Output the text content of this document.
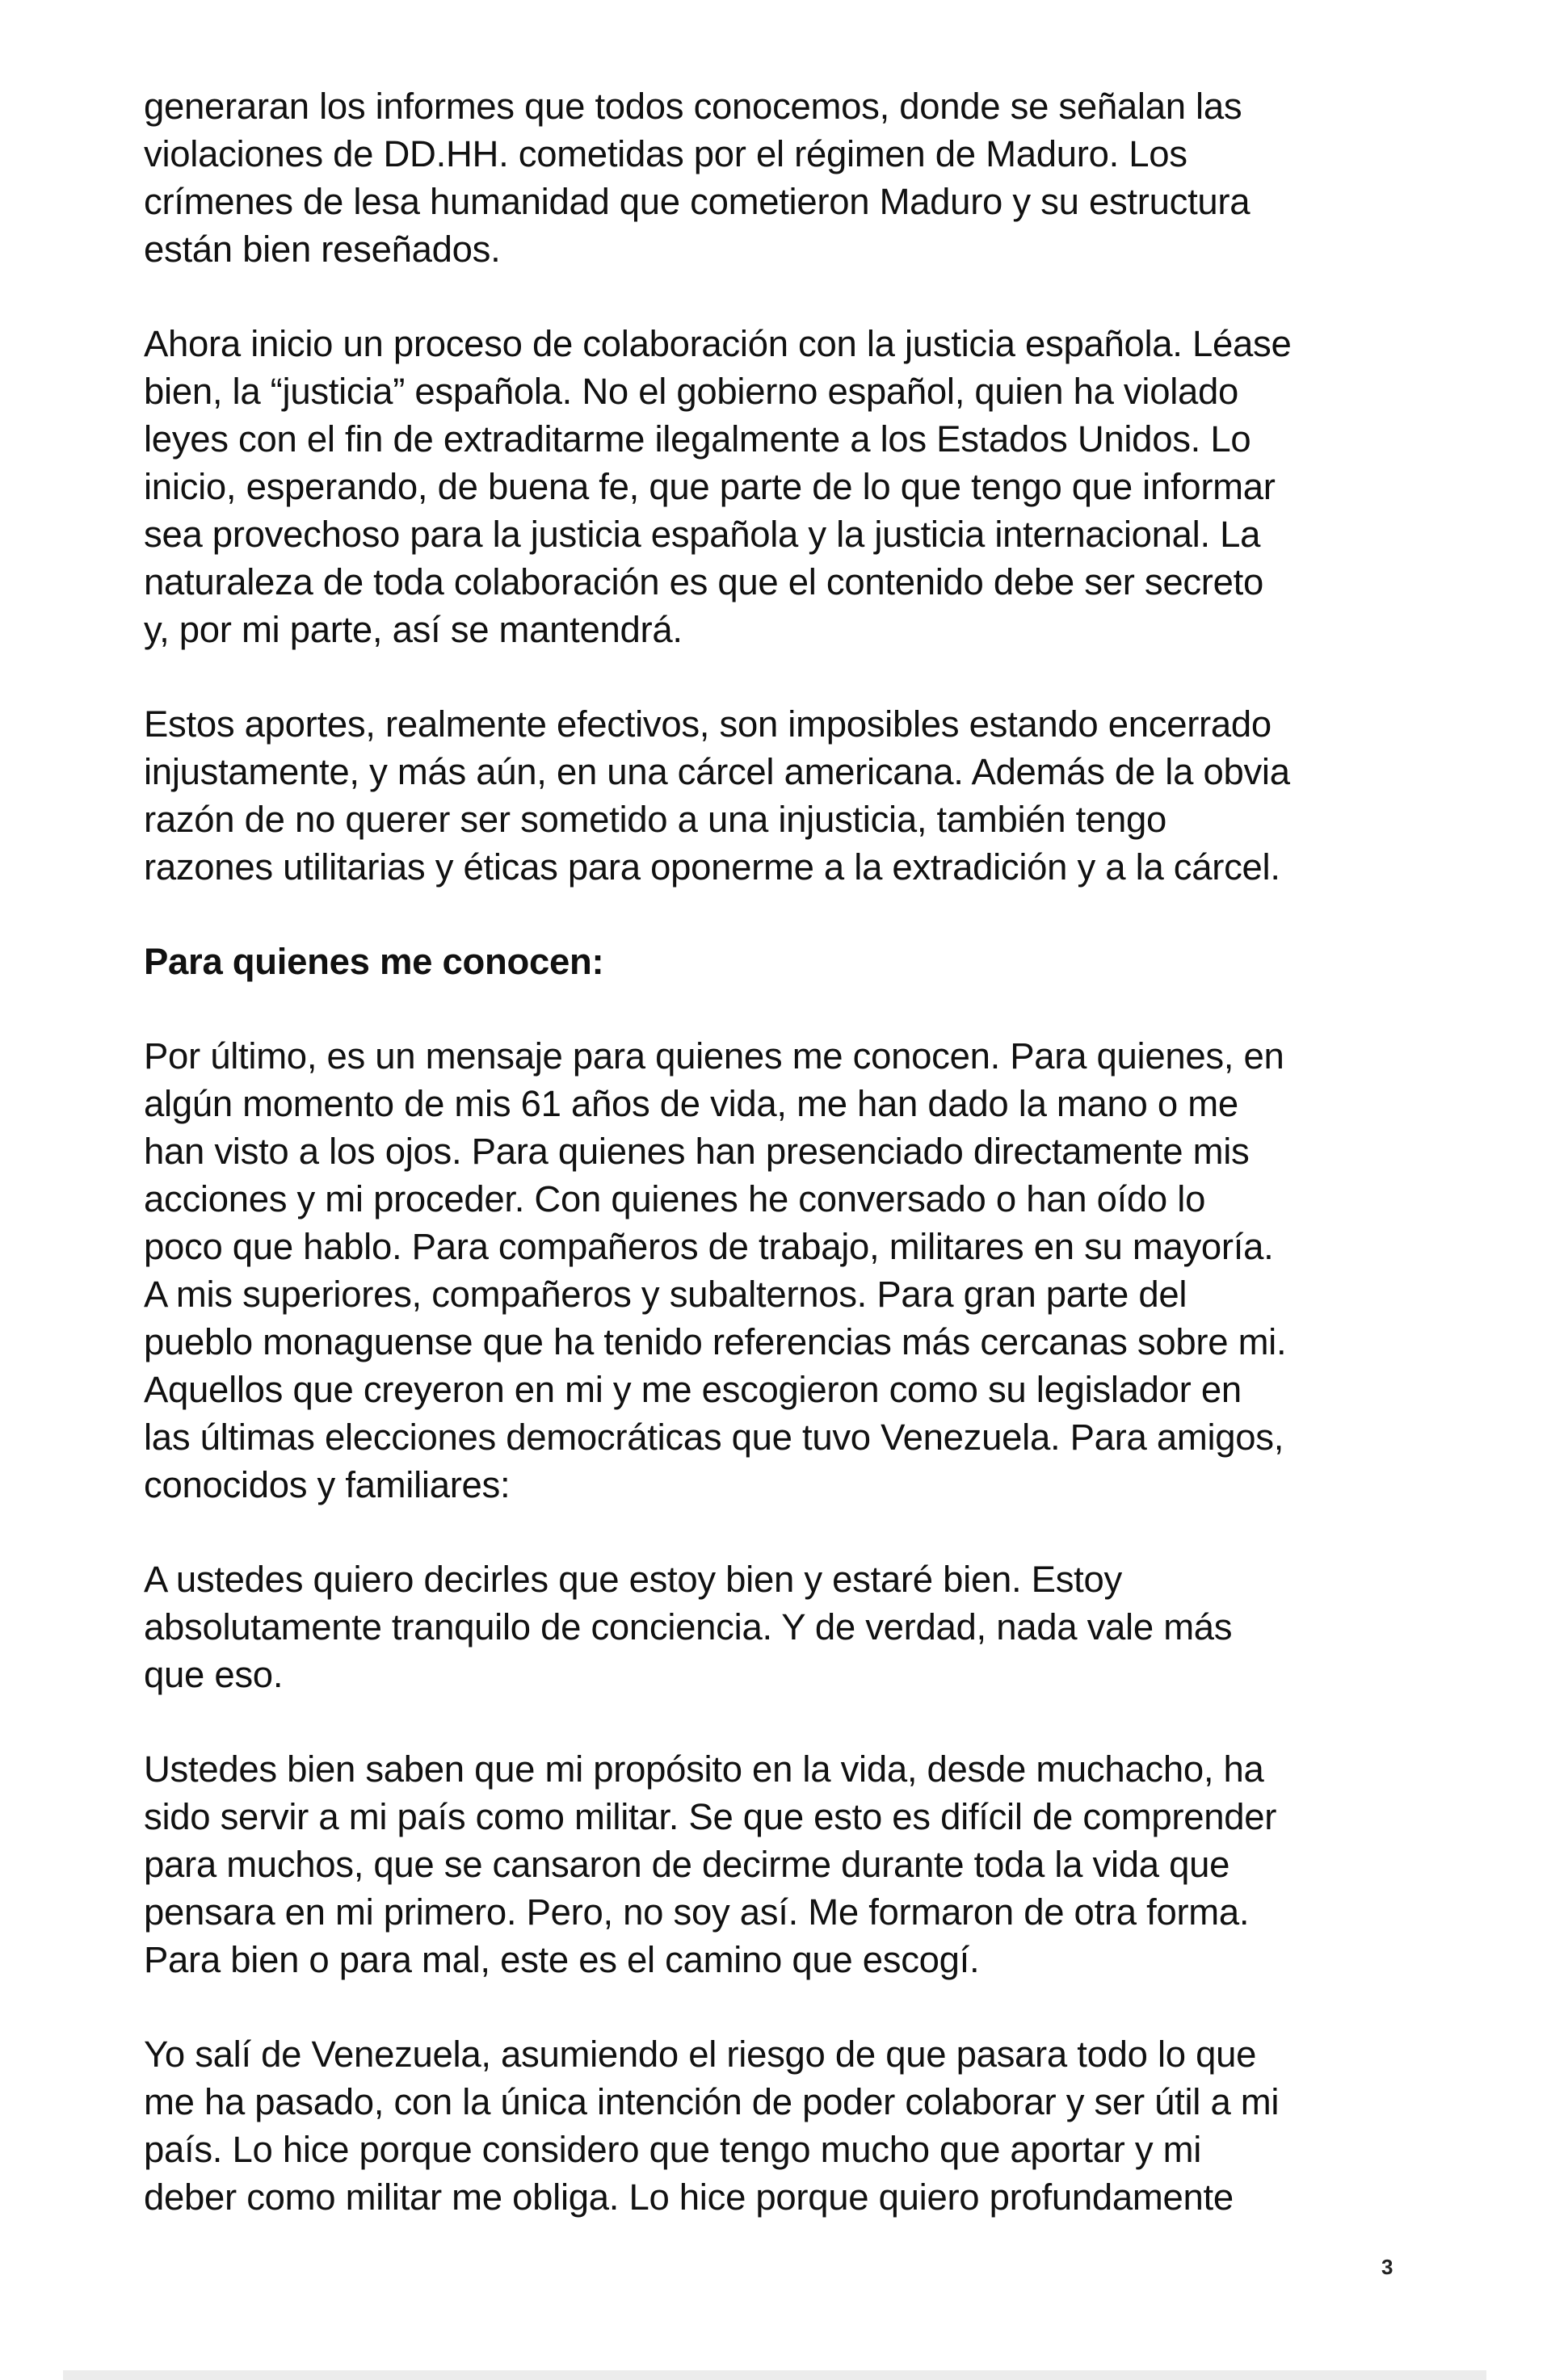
generaran los informes que todos conocemos, donde se señalan las
violaciones de DD.HH. cometidas por el régimen de Maduro. Los
crímenes de lesa humanidad que cometieron Maduro y su estructura
están bien reseñados.

Ahora inicio un proceso de colaboración con la justicia española. Léase
bien, la “justicia” española. No el gobierno español, quien ha violado
leyes con el fin de extraditarme ilegalmente a los Estados Unidos. Lo
inicio, esperando, de buena fe, que parte de lo que tengo que informar
sea provechoso para la justicia española y la justicia internacional. La
naturaleza de toda colaboración es que el contenido debe ser secreto
y, por mi parte, así se mantendrá.

Estos aportes, realmente efectivos, son imposibles estando encerrado
injustamente, y más aún, en una cárcel americana. Además de la obvia
razón de no querer ser sometido a una injusticia, también tengo
razones utilitarias y éticas para oponerme a la extradición y a la cárcel.

Para quienes me conocen:

Por último, es un mensaje para quienes me conocen. Para quienes, en
algún momento de mis 61 años de vida, me han dado la mano o me
han visto a los ojos. Para quienes han presenciado directamente mis
acciones y mi proceder. Con quienes he conversado o han oído lo
poco que hablo. Para compañeros de trabajo, militares en su mayoría.
A mis superiores, compañeros y subalternos. Para gran parte del
pueblo monaguense que ha tenido referencias más cercanas sobre mi.
Aquellos que creyeron en mi y me escogieron como su legislador en
las últimas elecciones democráticas que tuvo Venezuela. Para amigos,
conocidos y familiares:

A ustedes quiero decirles que estoy bien y estaré bien. Estoy
absolutamente tranquilo de conciencia. Y de verdad, nada vale más
que eso.

Ustedes bien saben que mi propósito en la vida, desde muchacho, ha
sido servir a mi país como militar. Se que esto es difícil de comprender
para muchos, que se cansaron de decirme durante toda la vida que
pensara en mi primero. Pero, no soy así. Me formaron de otra forma.
Para bien o para mal, este es el camino que escogí.

Yo salí de Venezuela, asumiendo el riesgo de que pasara todo lo que
me ha pasado, con la única intención de poder colaborar y ser útil a mi
país. Lo hice porque considero que tengo mucho que aportar y mi
deber como militar me obliga. Lo hice porque quiero profundamente

3
